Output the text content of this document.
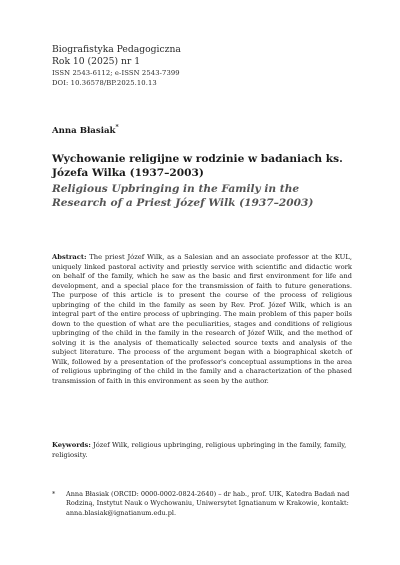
Biografistyka Pedagogiczna
Rok 10 (2025) nr 1
ISSN 2543-6112; e-ISSN 2543-7399
DOI: 10.36578/BP.2025.10.13
Anna Błasiak*
Wychowanie religijne w rodzinie w badaniach ks. Józefa Wilka (1937–2003)
Religious Upbringing in the Family in the Research of a Priest Józef Wilk (1937–2003)
Abstract: The priest Józef Wilk, as a Salesian and an associate professor at the KUL, uniquely linked pastoral activity and priestly service with scientific and didactic work on behalf of the family, which he saw as the basic and first environment for life and development, and a special place for the transmission of faith to future generations. The purpose of this article is to present the course of the process of religious upbringing of the child in the family as seen by Rev. Prof. Józef Wilk, which is an integral part of the entire process of upbringing. The main problem of this paper boils down to the question of what are the peculiarities, stages and conditions of religious upbringing of the child in the family in the research of Józef Wilk, and the method of solving it is the analysis of thematically selected source texts and analysis of the subject literature. The process of the argument began with a biographical sketch of Wilk, followed by a presentation of the professor's conceptual assumptions in the area of religious upbringing of the child in the family and a characterization of the phased transmission of faith in this environment as seen by the author.
Keywords: Józef Wilk, religious upbringing, religious upbringing in the family, family, religiosity.
* Anna Błasiak (ORCID: 0000-0002-0824-2640) – dr hab., prof. UIK, Katedra Badań nad Rodziną, Instytut Nauk o Wychowaniu, Uniwersytet Ignatianum w Krakowie, kontakt: anna.blasiak@ignatianum.edu.pl.
